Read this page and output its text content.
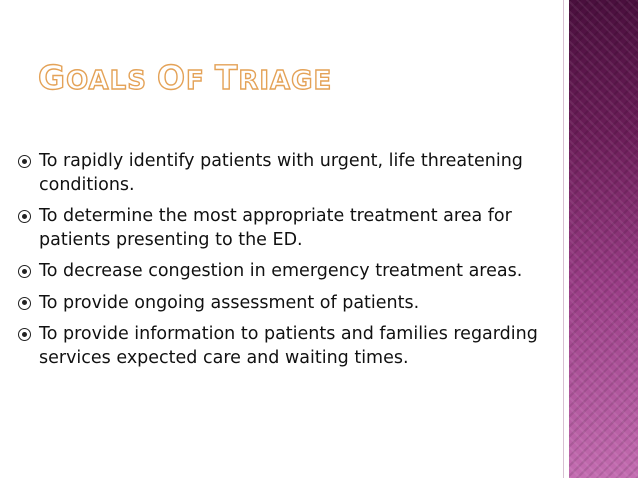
GOALS OF TRIAGE
To rapidly identify patients with urgent, life threatening conditions.
To determine the most appropriate treatment area for patients presenting to the ED.
To decrease congestion in emergency treatment areas.
To provide ongoing assessment of patients.
To provide information to patients and families regarding services expected care and waiting times.
